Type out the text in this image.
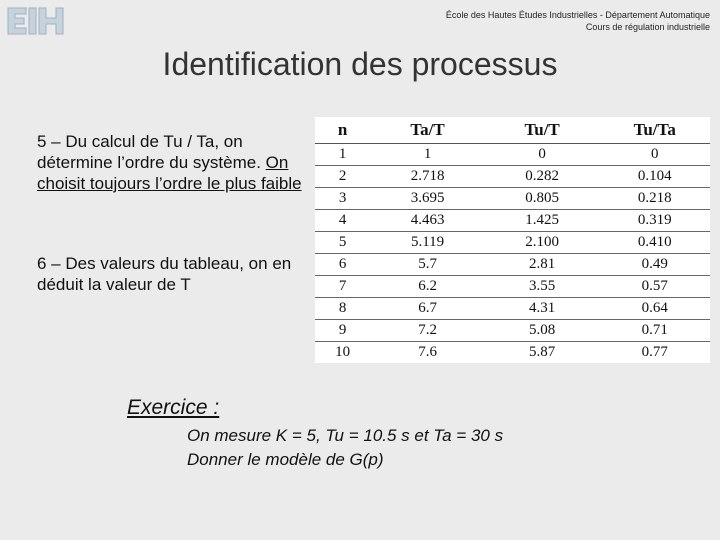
École des Hautes Études Industrielles - Département Automatique
Cours de régulation industrielle
Identification des processus
5 – Du calcul de Tu / Ta, on détermine l’ordre du système. On choisit toujours l’ordre le plus faible
6 – Des valeurs du tableau, on en déduit la valeur de T
n	Ta/T	Tu/T	Tu/Ta
1	1	0	0
2	2.718	0.282	0.104
3	3.695	0.805	0.218
4	4.463	1.425	0.319
5	5.119	2.100	0.410
6	5.7	2.81	0.49
7	6.2	3.55	0.57
8	6.7	4.31	0.64
9	7.2	5.08	0.71
10	7.6	5.87	0.77
Exercice :
On mesure K = 5, Tu = 10.5 s et Ta = 30 s
Donner le modèle de G(p)
